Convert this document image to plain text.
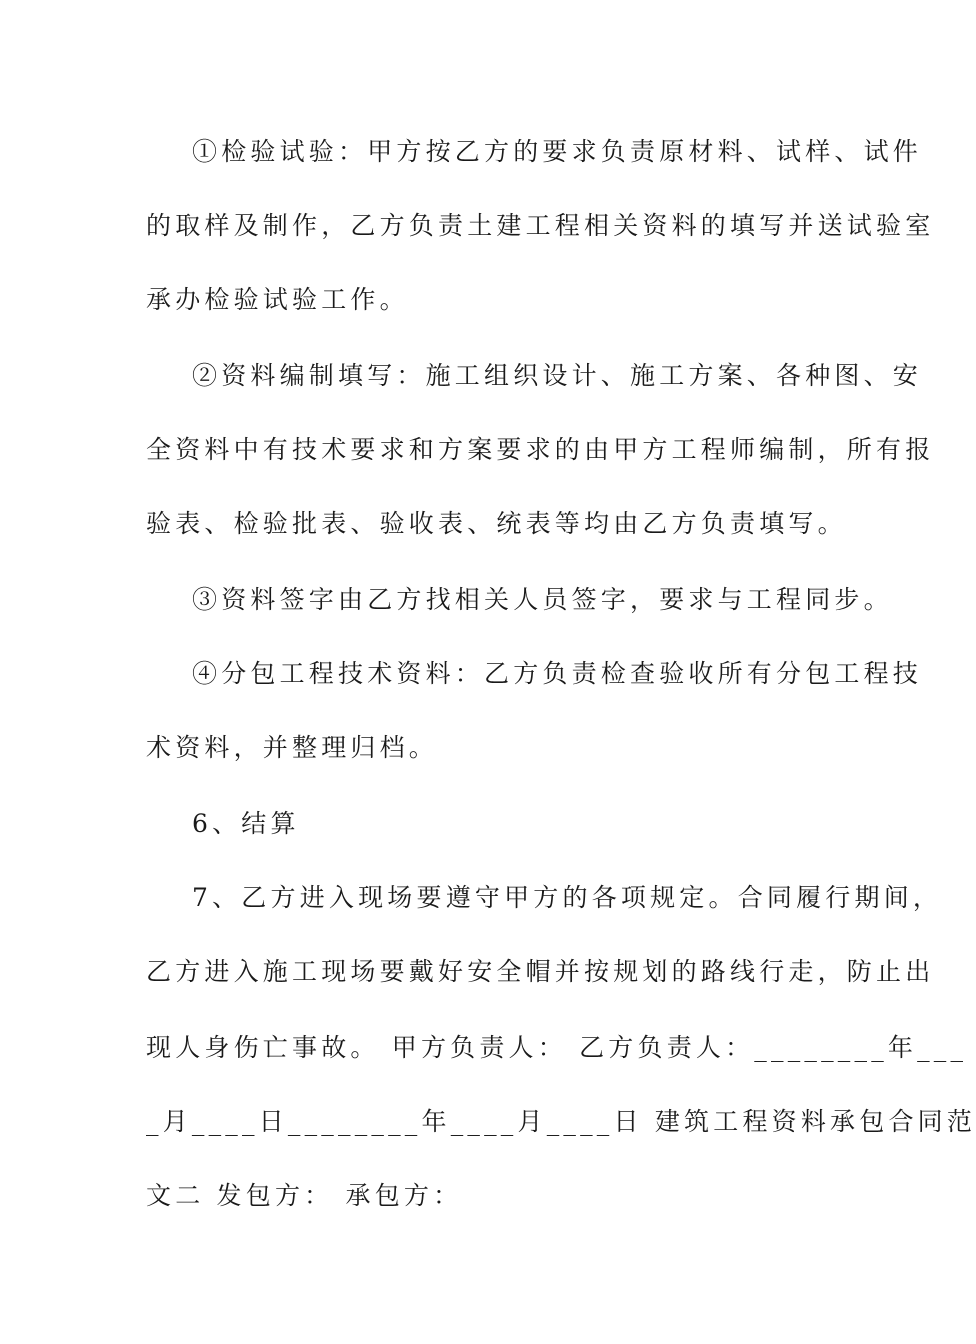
①检验试验：甲方按乙方的要求负责原材料、试样、试件
的取样及制作，乙方负责土建工程相关资料的填写并送试验室
承办检验试验工作。
②资料编制填写：施工组织设计、施工方案、各种图、安
全资料中有技术要求和方案要求的由甲方工程师编制，所有报
验表、检验批表、验收表、统表等均由乙方负责填写。
③资料签字由乙方找相关人员签字，要求与工程同步。
④分包工程技术资料：乙方负责检查验收所有分包工程技
术资料，并整理归档。
6、结算
7、乙方进入现场要遵守甲方的各项规定。合同履行期间，
乙方进入施工现场要戴好安全帽并按规划的路线行走，防止出
现人身伤亡事故。 甲方负责人： 乙方负责人：________年___
_月____日________年____月____日 建筑工程资料承包合同范
文二 发包方： 承包方：
